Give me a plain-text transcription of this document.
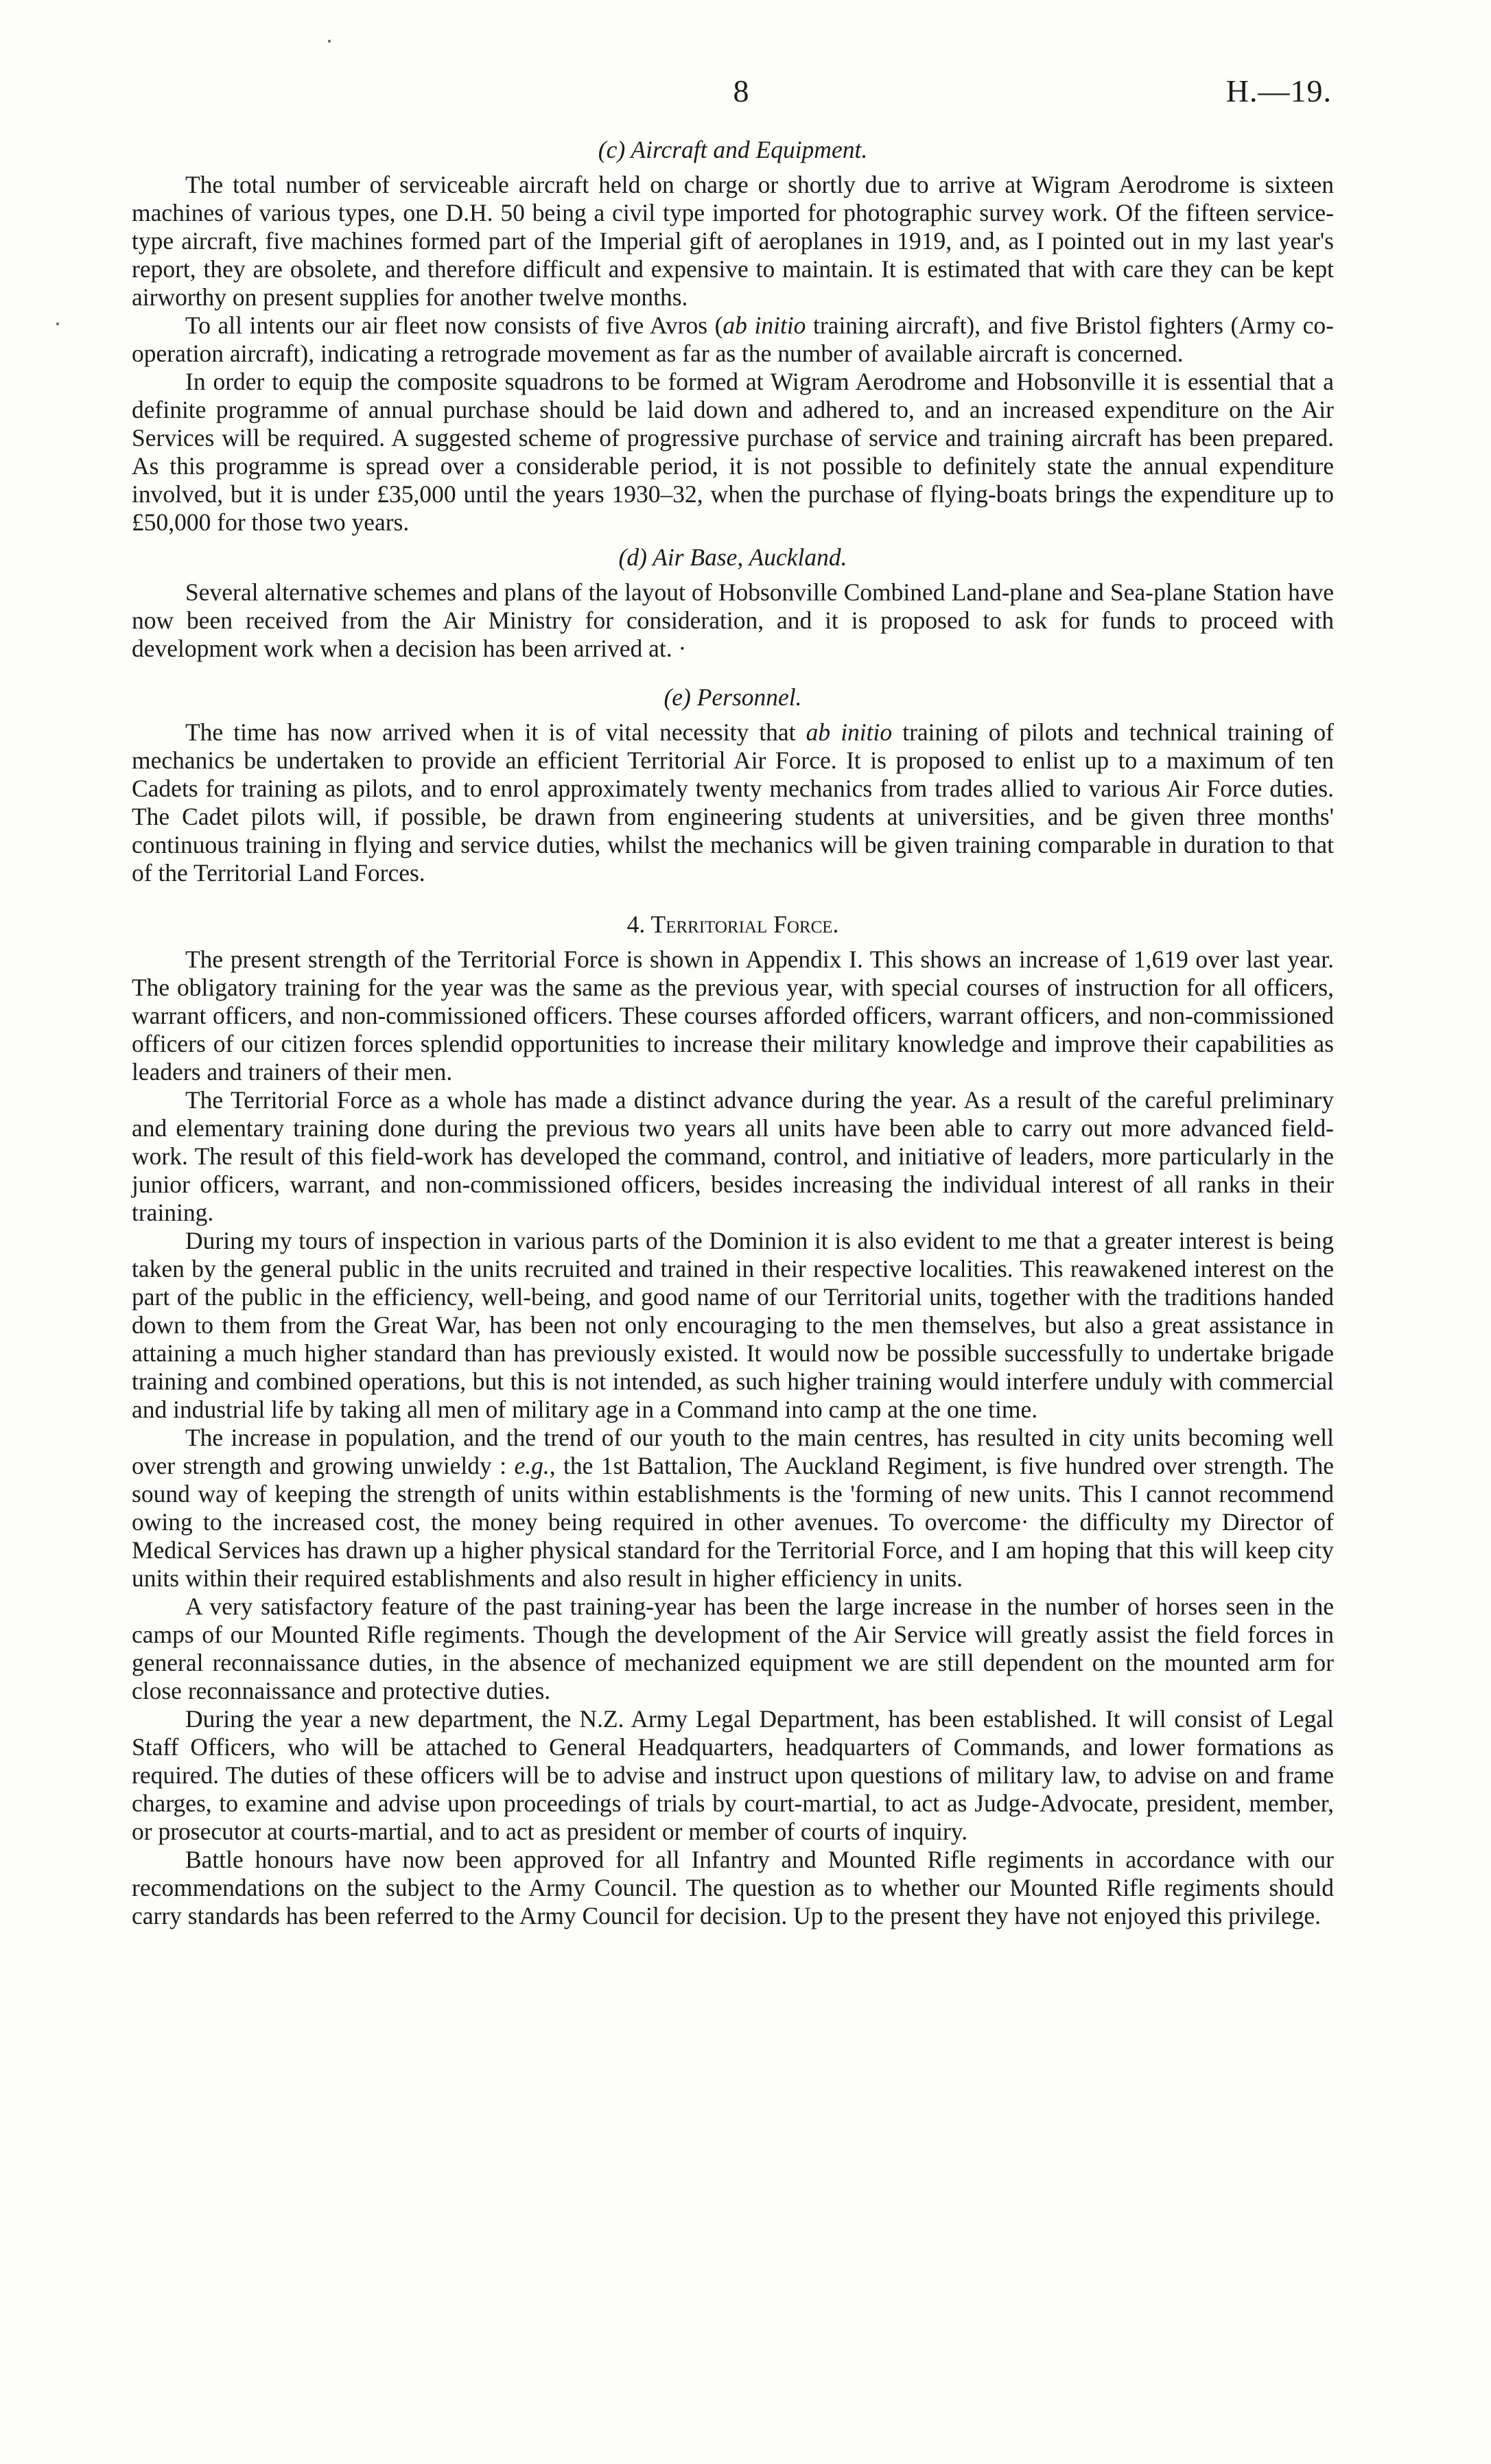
8	H.—19.
(c) Aircraft and Equipment.

The total number of serviceable aircraft held on charge or shortly due to arrive at Wigram Aerodrome is sixteen machines of various types, one D.H. 50 being a civil type imported for photographic survey work. Of the fifteen service-type aircraft, five machines formed part of the Imperial gift of aeroplanes in 1919, and, as I pointed out in my last year's report, they are obsolete, and therefore difficult and expensive to maintain. It is estimated that with care they can be kept airworthy on present supplies for another twelve months.

To all intents our air fleet now consists of five Avros (ab initio training aircraft), and five Bristol fighters (Army co-operation aircraft), indicating a retrograde movement as far as the number of available aircraft is concerned.

In order to equip the composite squadrons to be formed at Wigram Aerodrome and Hobsonville it is essential that a definite programme of annual purchase should be laid down and adhered to, and an increased expenditure on the Air Services will be required. A suggested scheme of progressive purchase of service and training aircraft has been prepared. As this programme is spread over a considerable period, it is not possible to definitely state the annual expenditure involved, but it is under £35,000 until the years 1930–32, when the purchase of flying-boats brings the expenditure up to £50,000 for those two years.

(d) Air Base, Auckland.

Several alternative schemes and plans of the layout of Hobsonville Combined Land-plane and Sea-plane Station have now been received from the Air Ministry for consideration, and it is proposed to ask for funds to proceed with development work when a decision has been arrived at. ·

(e) Personnel.

The time has now arrived when it is of vital necessity that ab initio training of pilots and technical training of mechanics be undertaken to provide an efficient Territorial Air Force. It is proposed to enlist up to a maximum of ten Cadets for training as pilots, and to enrol approximately twenty mechanics from trades allied to various Air Force duties. The Cadet pilots will, if possible, be drawn from engineering students at universities, and be given three months' continuous training in flying and service duties, whilst the mechanics will be given training comparable in duration to that of the Territorial Land Forces.

4. Territorial Force.

The present strength of the Territorial Force is shown in Appendix I. This shows an increase of 1,619 over last year. The obligatory training for the year was the same as the previous year, with special courses of instruction for all officers, warrant officers, and non-commissioned officers. These courses afforded officers, warrant officers, and non-commissioned officers of our citizen forces splendid opportunities to increase their military knowledge and improve their capabilities as leaders and trainers of their men.

The Territorial Force as a whole has made a distinct advance during the year. As a result of the careful preliminary and elementary training done during the previous two years all units have been able to carry out more advanced field-work. The result of this field-work has developed the command, control, and initiative of leaders, more particularly in the junior officers, warrant, and non-commissioned officers, besides increasing the individual interest of all ranks in their training.

During my tours of inspection in various parts of the Dominion it is also evident to me that a greater interest is being taken by the general public in the units recruited and trained in their respective localities. This reawakened interest on the part of the public in the efficiency, well-being, and good name of our Territorial units, together with the traditions handed down to them from the Great War, has been not only encouraging to the men themselves, but also a great assistance in attaining a much higher standard than has previously existed. It would now be possible successfully to undertake brigade training and combined operations, but this is not intended, as such higher training would interfere unduly with commercial and industrial life by taking all men of military age in a Command into camp at the one time.

The increase in population, and the trend of our youth to the main centres, has resulted in city units becoming well over strength and growing unwieldy : e.g., the 1st Battalion, The Auckland Regiment, is five hundred over strength. The sound way of keeping the strength of units within establishments is the 'forming of new units. This I cannot recommend owing to the increased cost, the money being required in other avenues. To overcome· the difficulty my Director of Medical Services has drawn up a higher physical standard for the Territorial Force, and I am hoping that this will keep city units within their required establishments and also result in higher efficiency in units.

A very satisfactory feature of the past training-year has been the large increase in the number of horses seen in the camps of our Mounted Rifle regiments. Though the development of the Air Service will greatly assist the field forces in general reconnaissance duties, in the absence of mechanized equipment we are still dependent on the mounted arm for close reconnaissance and protective duties.

During the year a new department, the N.Z. Army Legal Department, has been established. It will consist of Legal Staff Officers, who will be attached to General Headquarters, headquarters of Commands, and lower formations as required. The duties of these officers will be to advise and instruct upon questions of military law, to advise on and frame charges, to examine and advise upon proceedings of trials by court-martial, to act as Judge-Advocate, president, member, or prosecutor at courts-martial, and to act as president or member of courts of inquiry.

Battle honours have now been approved for all Infantry and Mounted Rifle regiments in accordance with our recommendations on the subject to the Army Council. The question as to whether our Mounted Rifle regiments should carry standards has been referred to the Army Council for decision. Up to the present they have not enjoyed this privilege.
